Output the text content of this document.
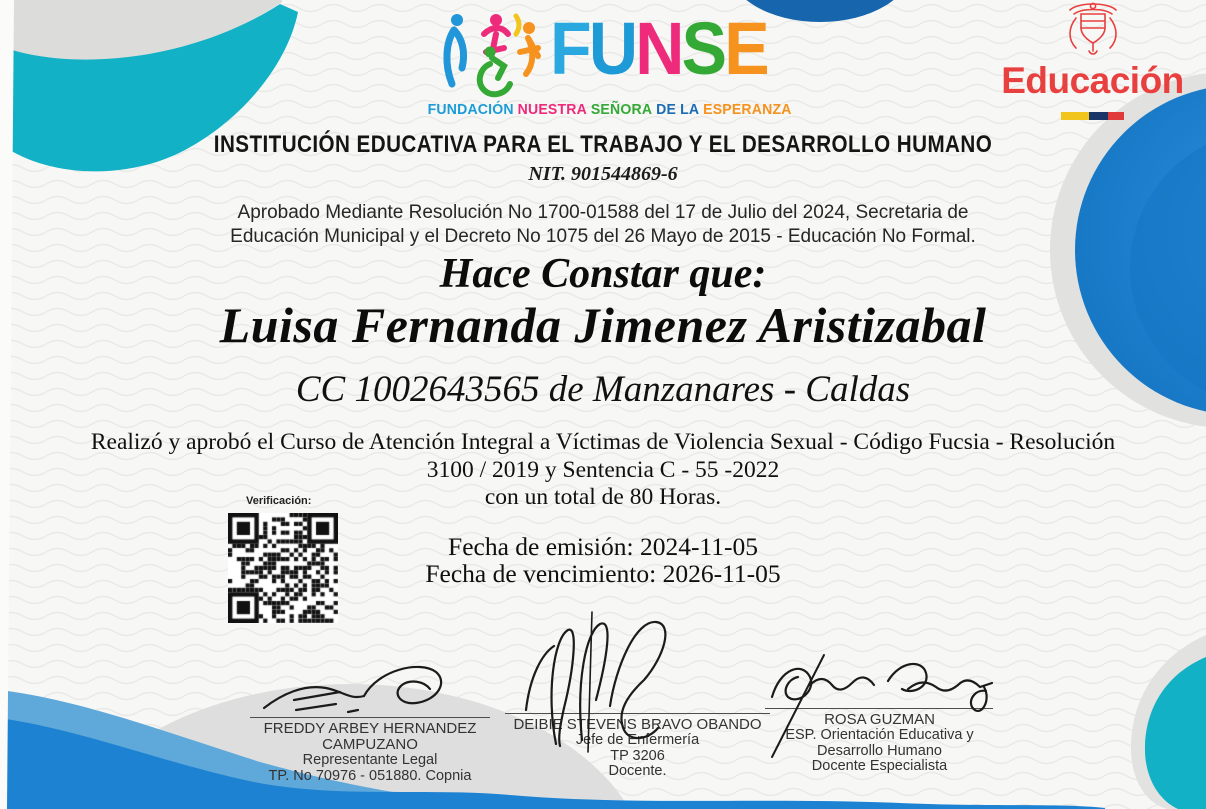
FUNSE
FUNDACIÓN NUESTRA SEÑORA DE LA ESPERANZA
Educación
INSTITUCIÓN EDUCATIVA PARA EL TRABAJO Y EL DESARROLLO HUMANO
NIT. 901544869-6
Aprobado Mediante Resolución No 1700-01588 del 17 de Julio del 2024, Secretaria de
Educación Municipal y el Decreto No 1075 del 26 Mayo de 2015 - Educación No Formal.
Hace Constar que:
Luisa Fernanda Jimenez Aristizabal
CC 1002643565 de Manzanares - Caldas
Realizó y aprobó el Curso de Atención Integral a Víctimas de Violencia Sexual - Código Fucsia - Resolución
3100 / 2019 y Sentencia C - 55 -2022
con un total de 80 Horas.
Fecha de emisión: 2024-11-05
Fecha de vencimiento: 2026-11-05
Verificación:
FREDDY ARBEY HERNANDEZ
CAMPUZANO
Representante Legal
TP. No 70976 - 051880. Copnia
DEIBIE STEVENS BRAVO OBANDO
Jefe de Enfermería
TP 3206
Docente.
ROSA GUZMAN
ESP. Orientación Educativa y
Desarrollo Humano
Docente Especialista
